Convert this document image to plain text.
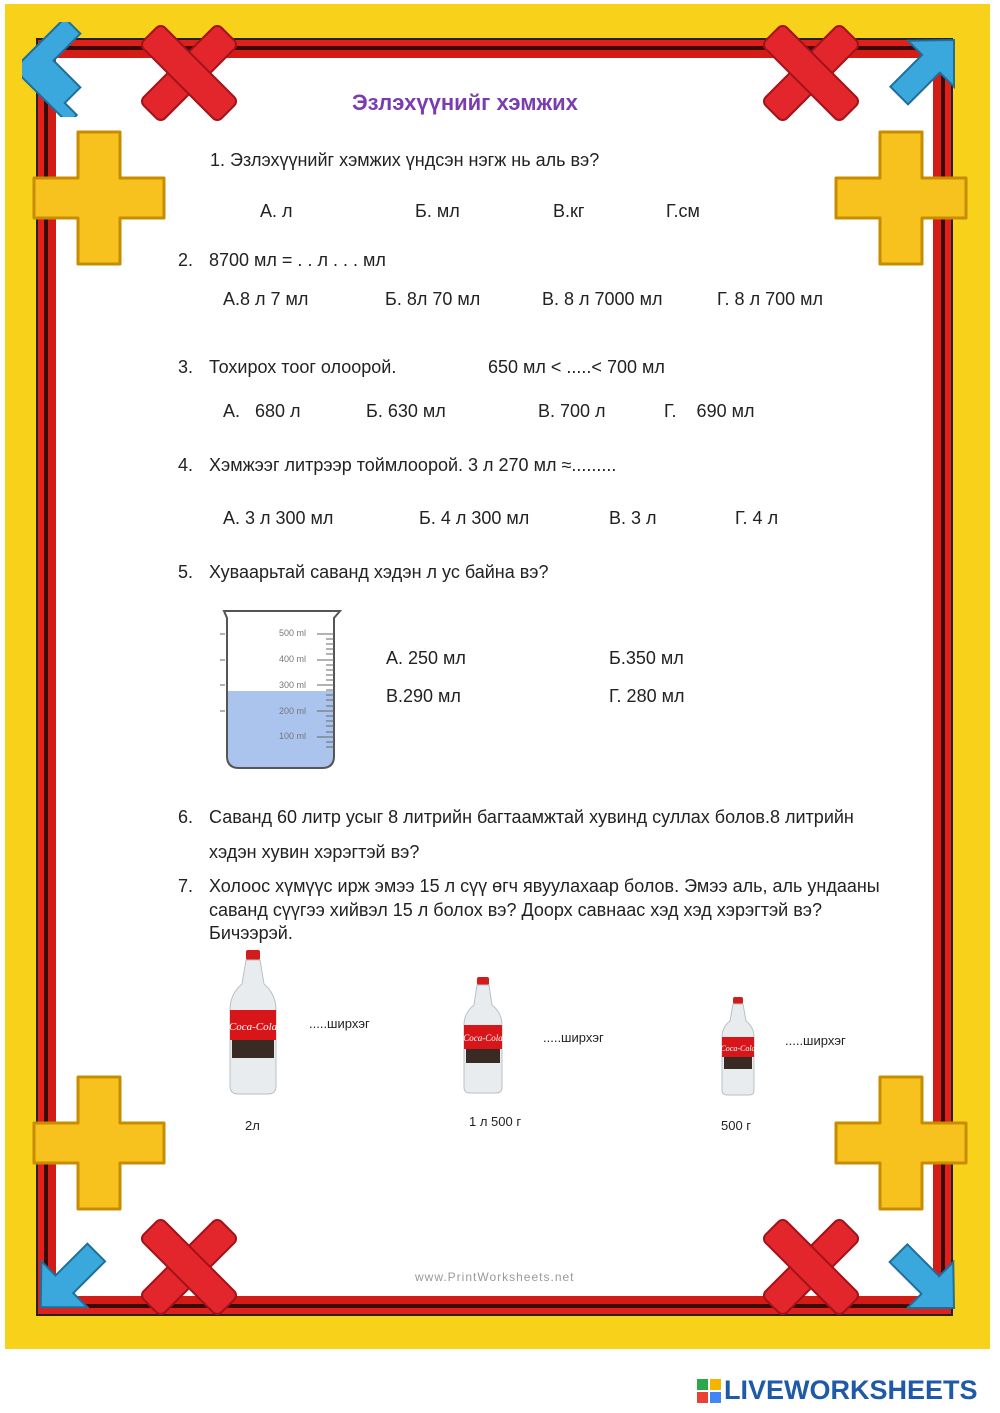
Эзлэхүүнийг хэмжих
1. Эзлэхүүнийг хэмжих үндсэн нэгж нь аль вэ?
А. л	Б. мл	В.кг	Г.см
2. 8700 мл = . . л . . . мл
А.8 л 7 мл	Б. 8л 70 мл	В. 8 л 7000 мл	Г. 8 л 700 мл
3. Тохирох тоог олоорой.	650 мл < .....< 700 мл
А.   680 л	Б. 630 мл	В. 700 л	Г.    690 мл
4. Хэмжээг литрээр тоймлоорой. 3 л 270 мл ≈.........
А. 3 л 300 мл	Б. 4 л 300 мл	В. 3 л	Г. 4 л
5. Хуваарьтай саванд хэдэн л ус байна вэ?
500 ml
400 ml
300 ml
200 ml
100 ml
А. 250 мл	Б.350 мл
В.290 мл	Г. 280 мл
6. Саванд 60 литр усыг 8 литрийн багтаамжтай хувинд суллах болов.8 литрийн
хэдэн хувин хэрэгтэй вэ?
7. Холоос хүмүүс ирж эмээ 15 л сүү өгч явуулахаар болов. Эмээ аль, аль ундааны
саванд сүүгээ хийвэл 15 л болох вэ? Доорх савнаас хэд хэд хэрэгтэй вэ?
Бичээрэй.
Coca-Cola
Coca-Cola
Coca-Cola
.....ширхэг
.....ширхэг	.....ширхэг
2л	1 л 500 г	500 г
www.PrintWorksheets.net
LIVEWORKSHEETS
